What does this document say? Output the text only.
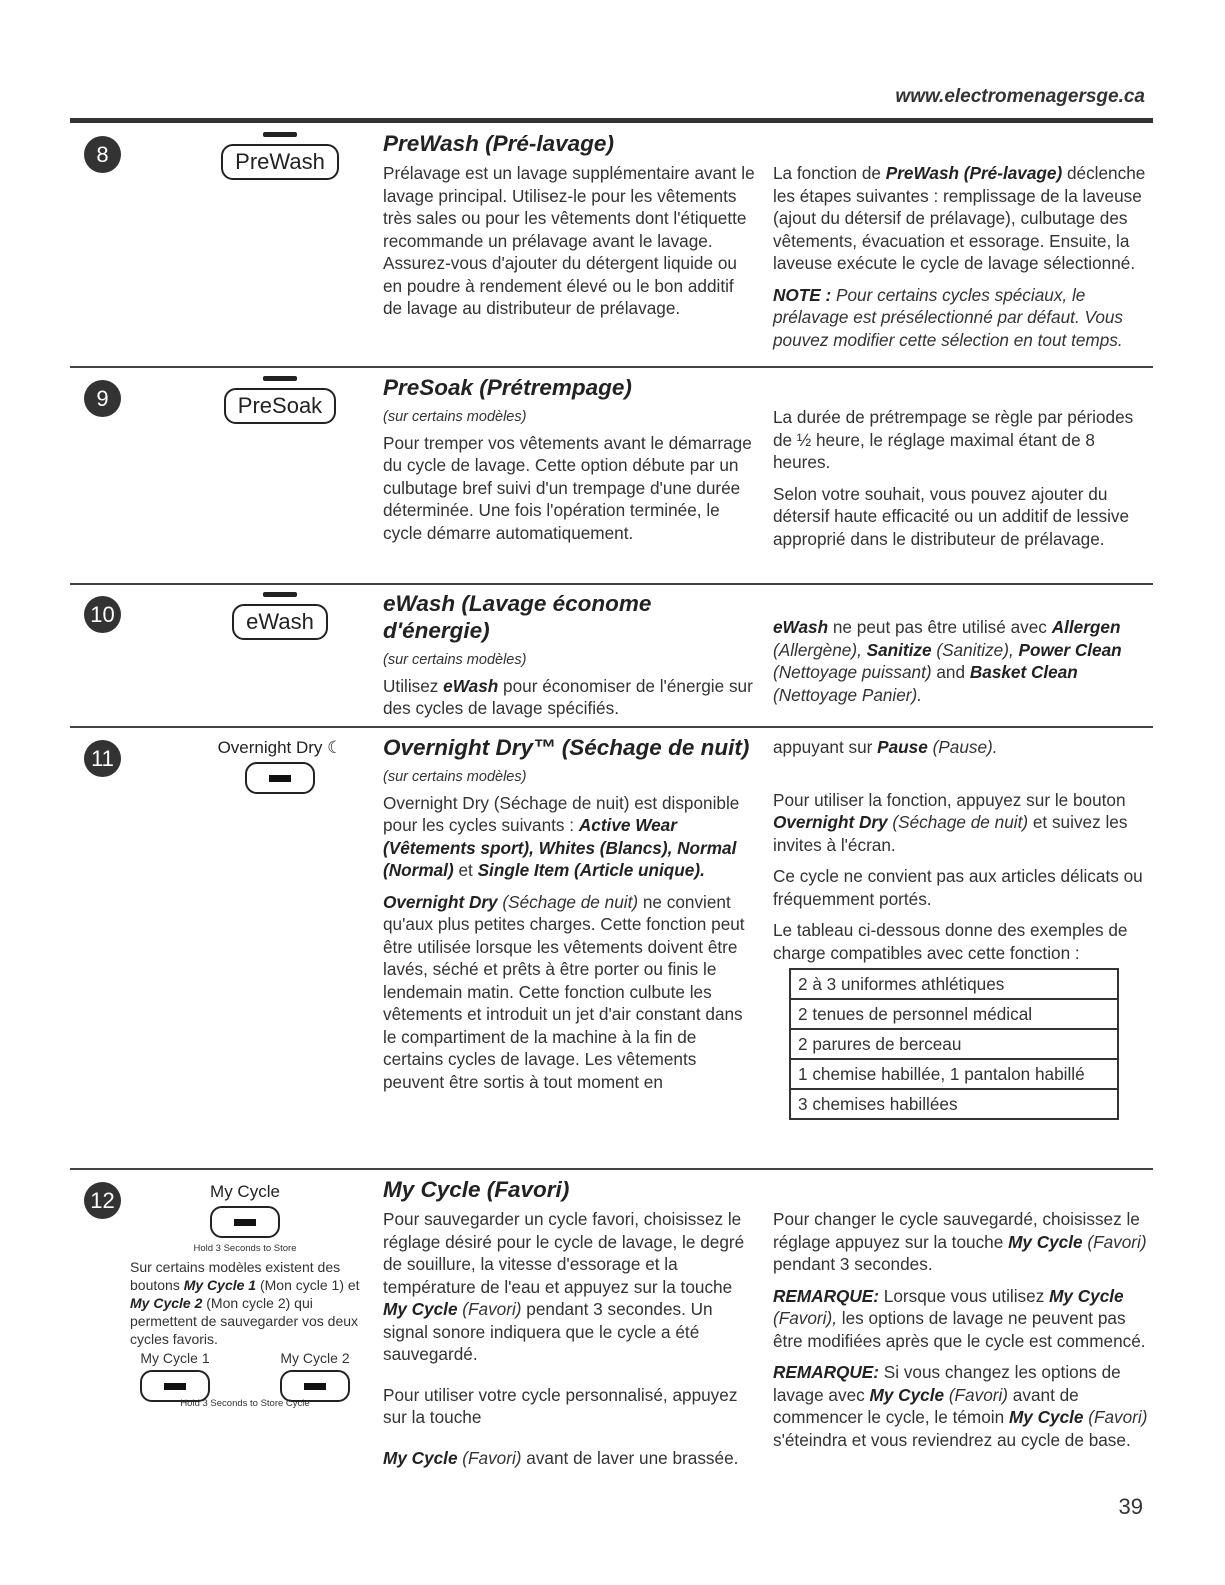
www.electromenagersge.ca
8	PreWash
PreWash (Pré-lavage)

Prélavage est un lavage supplémentaire avant le lavage principal. Utilisez-le pour les vêtements très sales ou pour les vêtements dont l'étiquette recommande un prélavage avant le lavage. Assurez-vous d'ajouter du détergent liquide ou en poudre à rendement élevé ou le bon additif de lavage au distributeur de prélavage.

La fonction de PreWash (Pré-lavage) déclenche les étapes suivantes : remplissage de la laveuse (ajout du détersif de prélavage), culbutage des vêtements, évacuation et essorage. Ensuite, la laveuse exécute le cycle de lavage sélectionné.

NOTE : Pour certains cycles spéciaux, le prélavage est présélectionné par défaut. Vous pouvez modifier cette sélection en tout temps.

9	PreSoak
PreSoak (Prétrempage)
(sur certains modèles)

Pour tremper vos vêtements avant le démarrage du cycle de lavage. Cette option débute par un culbutage bref suivi d'un trempage d'une durée déterminée. Une fois l'opération terminée, le cycle démarre automatiquement.

La durée de prétrempage se règle par périodes de ½ heure, le réglage maximal étant de 8 heures.

Selon votre souhait, vous pouvez ajouter du détersif haute efficacité ou un additif de lessive approprié dans le distributeur de prélavage.

10	eWash
eWash (Lavage économe d'énergie)
(sur certains modèles)

Utilisez eWash pour économiser de l'énergie sur des cycles de lavage spécifiés.

eWash ne peut pas être utilisé avec Allergen (Allergène), Sanitize (Sanitize), Power Clean (Nettoyage puissant) and Basket Clean (Nettoyage Panier).

11	Overnight Dry ☾	Overnight Dry™ (Séchage de nuit)
(sur certains modèles)

Overnight Dry (Séchage de nuit) est disponible pour les cycles suivants : Active Wear (Vêtements sport), Whites (Blancs), Normal (Normal) et Single Item (Article unique).

Overnight Dry (Séchage de nuit) ne convient qu'aux plus petites charges. Cette fonction peut être utilisée lorsque les vêtements doivent être lavés, séché et prêts à être porter ou finis le lendemain matin. Cette fonction culbute les vêtements et introduit un jet d'air constant dans le compartiment de la machine à la fin de certains cycles de lavage. Les vêtements peuvent être sortis à tout moment en

appuyant sur Pause (Pause).

Pour utiliser la fonction, appuyez sur le bouton Overnight Dry (Séchage de nuit) et suivez les invites à l'écran.

Ce cycle ne convient pas aux articles délicats ou fréquemment portés.

Le tableau ci-dessous donne des exemples de charge compatibles avec cette fonction :

2 à 3 uniformes athlétiques
2 tenues de personnel médical
2 parures de berceau
1 chemise habillée, 1 pantalon habillé
3 chemises habillées
12	My Cycle
Hold 3 Seconds to Store
Sur certains modèles existent des boutons My Cycle 1 (Mon cycle 1) et My Cycle 2 (Mon cycle 2) qui permettent de sauvegarder vos deux cycles favoris.
My Cycle 1	My Cycle 2
Hold 3 Seconds to Store Cycle
My Cycle (Favori)

Pour sauvegarder un cycle favori, choisissez le réglage désiré pour le cycle de lavage, le degré de souillure, la vitesse d'essorage et la température de l'eau et appuyez sur la touche My Cycle (Favori) pendant 3 secondes. Un signal sonore indiquera que le cycle a été sauvegardé.

Pour utiliser votre cycle personnalisé, appuyez sur la touche

My Cycle (Favori) avant de laver une brassée.

Pour changer le cycle sauvegardé, choisissez le réglage appuyez sur la touche My Cycle (Favori) pendant 3 secondes.

REMARQUE: Lorsque vous utilisez My Cycle (Favori), les options de lavage ne peuvent pas être modifiées après que le cycle est commencé.

REMARQUE: Si vous changez les options de lavage avec My Cycle (Favori) avant de commencer le cycle, le témoin My Cycle (Favori) s'éteindra et vous reviendrez au cycle de base.

39
